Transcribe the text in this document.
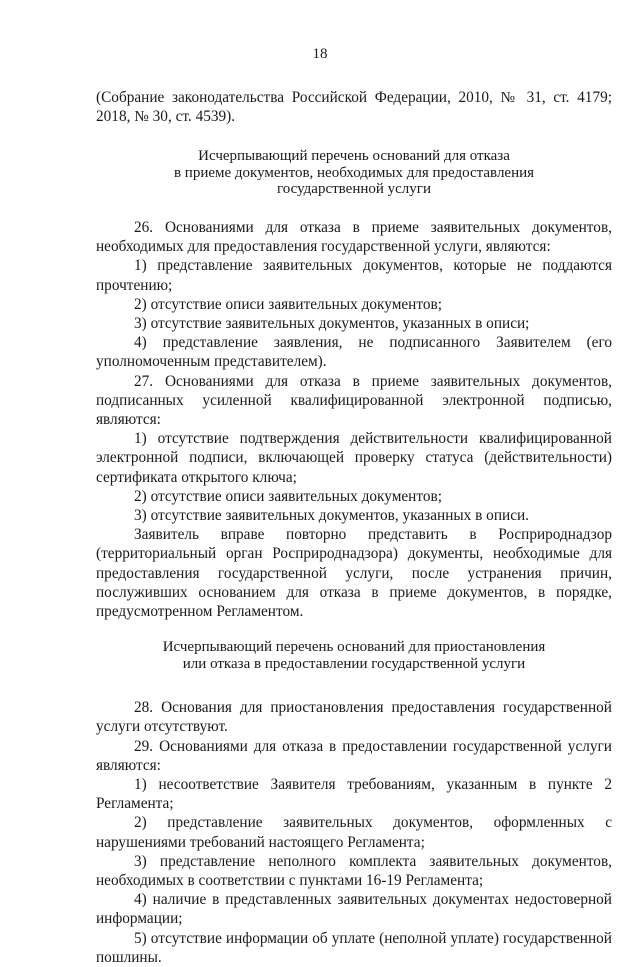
18

(Собрание законодательства Российской Федерации, 2010, № 31, ст. 4179; 2018, № 30, ст. 4539).

Исчерпывающий перечень оснований для отказа

в приеме документов, необходимых для предоставления

государственной услуги

26. Основаниями для отказа в приеме заявительных документов, необходимых для предоставления государственной услуги, являются:

1) представление заявительных документов, которые не поддаются прочтению;

2) отсутствие описи заявительных документов;

3) отсутствие заявительных документов, указанных в описи;

4) представление заявления, не подписанного Заявителем (его уполномоченным представителем).

27. Основаниями для отказа в приеме заявительных документов, подписанных усиленной квалифицированной электронной подписью, являются:

1) отсутствие подтверждения действительности квалифицированной электронной подписи, включающей проверку статуса (действительности) сертификата открытого ключа;

2) отсутствие описи заявительных документов;

3) отсутствие заявительных документов, указанных в описи.

Заявитель вправе повторно представить в Росприроднадзор (территориальный орган Росприроднадзора) документы, необходимые для предоставления государственной услуги, после устранения причин, послуживших основанием для отказа в приеме документов, в порядке, предусмотренном Регламентом.

Исчерпывающий перечень оснований для приостановления

или отказа в предоставлении государственной услуги

28. Основания для приостановления предоставления государственной услуги отсутствуют.

29. Основаниями для отказа в предоставлении государственной услуги являются:

1) несоответствие Заявителя требованиям, указанным в пункте 2 Регламента;

2) представление заявительных документов, оформленных с нарушениями требований настоящего Регламента;

3) представление неполного комплекта заявительных документов, необходимых в соответствии с пунктами 16-19 Регламента;

4) наличие в представленных заявительных документах недостоверной информации;

5) отсутствие информации об уплате (неполной уплате) государственной пошлины.
